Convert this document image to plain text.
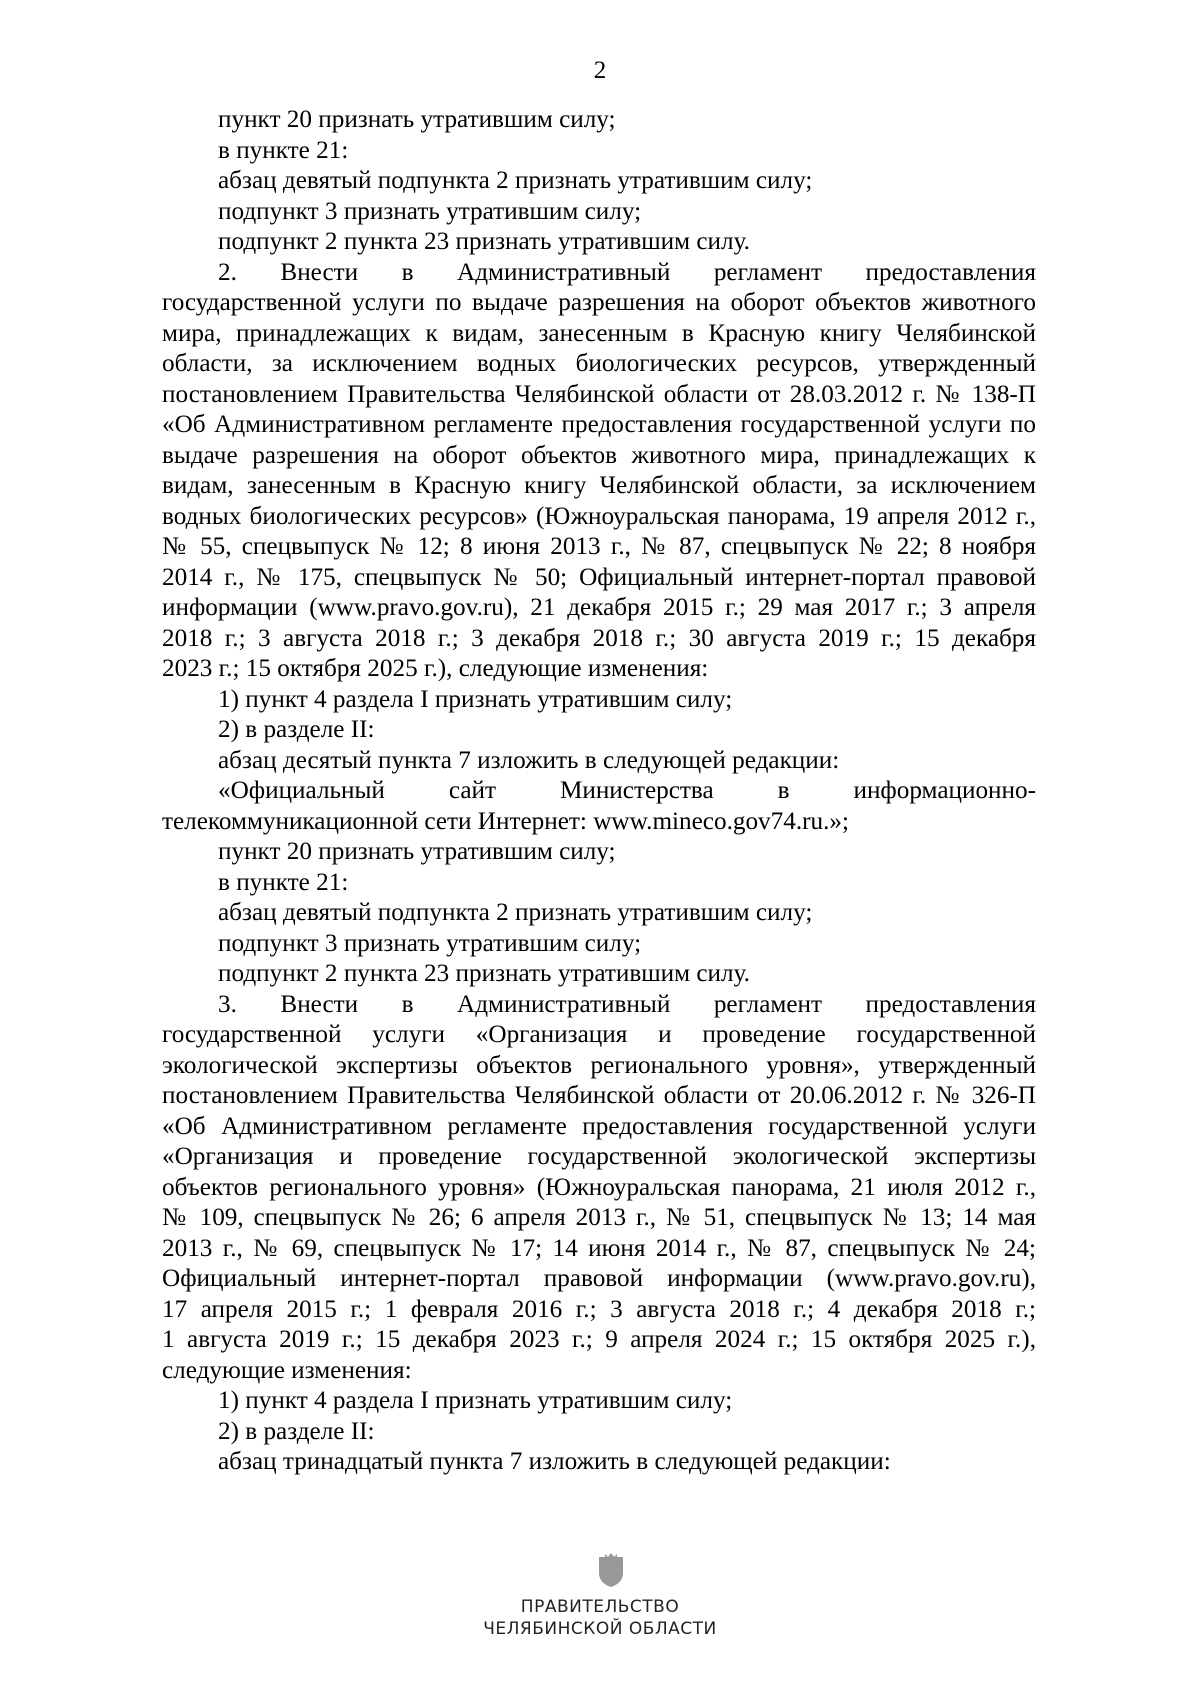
2
пункт 20 признать утратившим силу;
в пункте 21:
абзац девятый подпункта 2 признать утратившим силу;
подпункт 3 признать утратившим силу;
подпункт 2 пункта 23 признать утратившим силу.
2. Внести в Административный регламент предоставления
государственной услуги по выдаче разрешения на оборот объектов животного
мира, принадлежащих к видам, занесенным в Красную книгу Челябинской
области, за исключением водных биологических ресурсов, утвержденный
постановлением Правительства Челябинской области от 28.03.2012 г. № 138-П
«Об Административном регламенте предоставления государственной услуги по
выдаче разрешения на оборот объектов животного мира, принадлежащих к
видам, занесенным в Красную книгу Челябинской области, за исключением
водных биологических ресурсов» (Южноуральская панорама, 19 апреля 2012 г.,
№ 55, спецвыпуск № 12; 8 июня 2013 г., № 87, спецвыпуск № 22; 8 ноября
2014 г., № 175, спецвыпуск № 50; Официальный интернет-портал правовой
информации (www.pravo.gov.ru), 21 декабря 2015 г.; 29 мая 2017 г.; 3 апреля
2018 г.; 3 августа 2018 г.; 3 декабря 2018 г.; 30 августа 2019 г.; 15 декабря
2023 г.; 15 октября 2025 г.), следующие изменения:
1) пункт 4 раздела I признать утратившим силу;
2) в разделе II:
абзац десятый пункта 7 изложить в следующей редакции:
«Официальный сайт Министерства в информационно-
телекоммуникационной сети Интернет: www.mineco.gov74.ru.»;
пункт 20 признать утратившим силу;
в пункте 21:
абзац девятый подпункта 2 признать утратившим силу;
подпункт 3 признать утратившим силу;
подпункт 2 пункта 23 признать утратившим силу.
3. Внести в Административный регламент предоставления
государственной услуги «Организация и проведение государственной
экологической экспертизы объектов регионального уровня», утвержденный
постановлением Правительства Челябинской области от 20.06.2012 г. № 326-П
«Об Административном регламенте предоставления государственной услуги
«Организация и проведение государственной экологической экспертизы
объектов регионального уровня» (Южноуральская панорама, 21 июля 2012 г.,
№ 109, спецвыпуск № 26; 6 апреля 2013 г., № 51, спецвыпуск № 13; 14 мая
2013 г., № 69, спецвыпуск № 17; 14 июня 2014 г., № 87, спецвыпуск № 24;
Официальный интернет-портал правовой информации (www.pravo.gov.ru),
17 апреля 2015 г.; 1 февраля 2016 г.; 3 августа 2018 г.; 4 декабря 2018 г.;
1 августа 2019 г.; 15 декабря 2023 г.; 9 апреля 2024 г.; 15 октября 2025 г.),
следующие изменения:
1) пункт 4 раздела I признать утратившим силу;
2) в разделе II:
абзац тринадцатый пункта 7 изложить в следующей редакции:
ПРАВИТЕЛЬСТВО
ЧЕЛЯБИНСКОЙ ОБЛАСТИ
